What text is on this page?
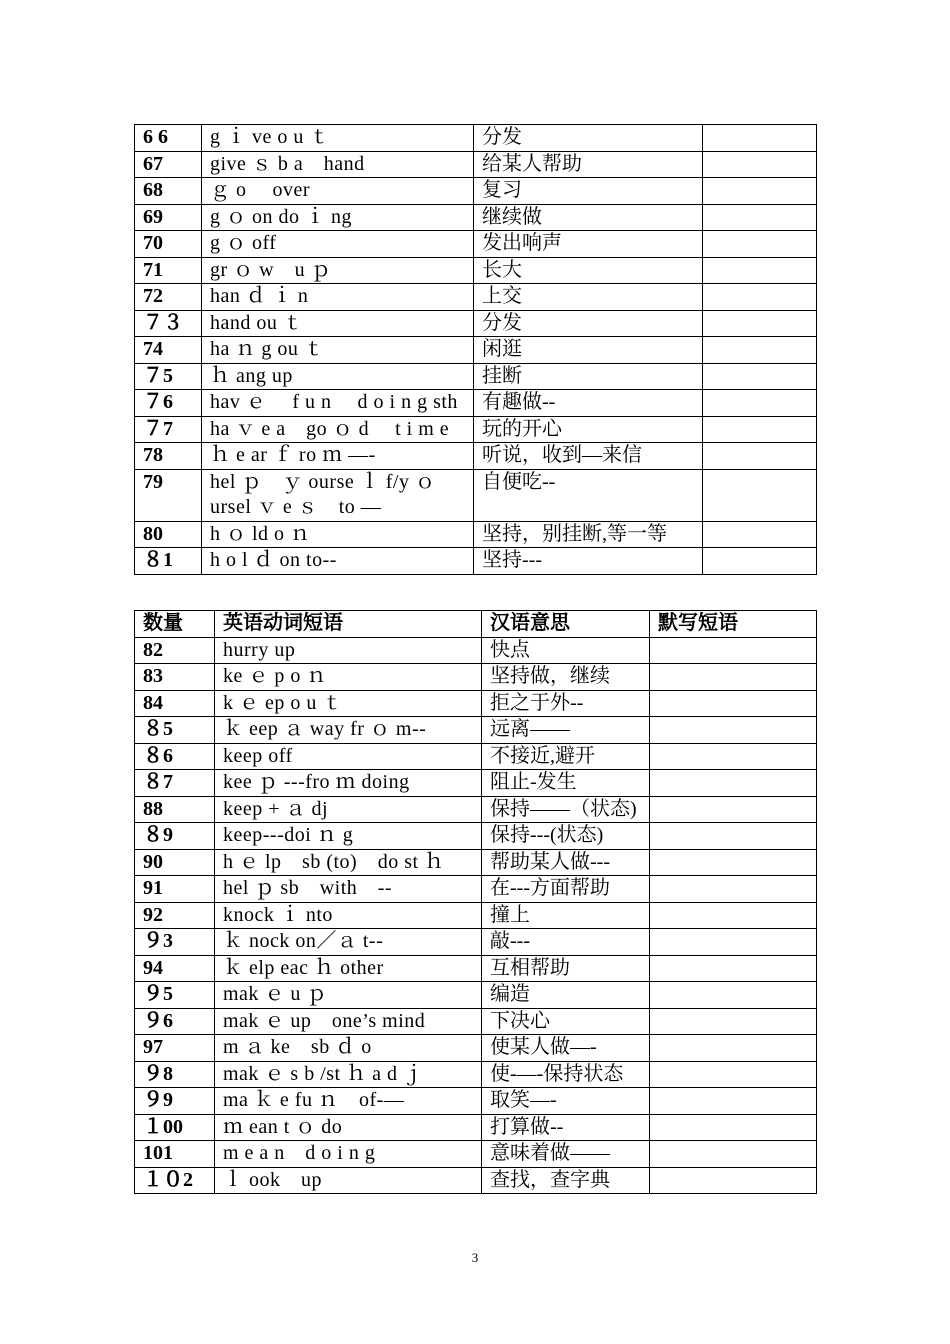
6 6	g ｉ ve o u ｔ	分发	
67	give ｓ b a　hand	给某人帮助	
68	ｇ o　 over	复习	
69	g ｏ on do ｉ ng	继续做	
70	g ｏ off	发出响声	
71	gr ｏ w　u ｐ	长大	
72	han ｄ ｉ n	上交	
７３	hand ou ｔ	分发	
74	ha ｎ g ou ｔ	闲逛	
７5	ｈ ang up	挂断	
７6	hav ｅ　 f u n　 d o i n g sth	有趣做--	
７7	ha ｖ e a　go ｏ d　 t i m e	玩的开心	
78	ｈ e ar ｆ ro ｍ —-	听说，收到—来信	
79	hel ｐ　ｙ ourse ｌ f/y ｏ ursel ｖ e ｓ　to —	自便吃--	
80	h ｏ ld o ｎ	坚持，别挂断,等一等	
８1	h o l ｄ on to--	坚持---	
数量	英语动词短语	汉语意思	默写短语
82	hurry up	快点	
83	ke ｅ p o ｎ	坚持做，继续	
84	k ｅ ep o u ｔ	拒之于外--	
８5	ｋ eep ａ way fr ｏ m--	远离——	
８6	keep off	不接近,避开	
８7	kee ｐ ---fro ｍ doing	阻止-发生	
88	keep + ａ dj	保持——（状态)	
８9	keep---doi ｎ g	保持---(状态)	
90	h ｅ lp　sb (to)　do st ｈ	帮助某人做---	
91	hel ｐ sb　with　--	在---方面帮助	
92	knock ｉ nto	撞上	
９3	ｋ nock on／ａ t--	敲---	
94	ｋ elp eac ｈ other	互相帮助	
９5	mak ｅ u ｐ	编造	
９6	mak ｅ up　one’s mind	下决心	
97	m ａ ke　sb ｄ o	使某人做—-	
９8	mak ｅ s b /st ｈ a d ｊ	使-—-保持状态	
９9	ma ｋ e fu ｎ　of-—	取笑—-	
１00	ｍ ean t ｏ do	打算做--	
101	m e a n　d o i n g	意味着做——	
１０2	ｌ ook　up	查找，查字典	
3
